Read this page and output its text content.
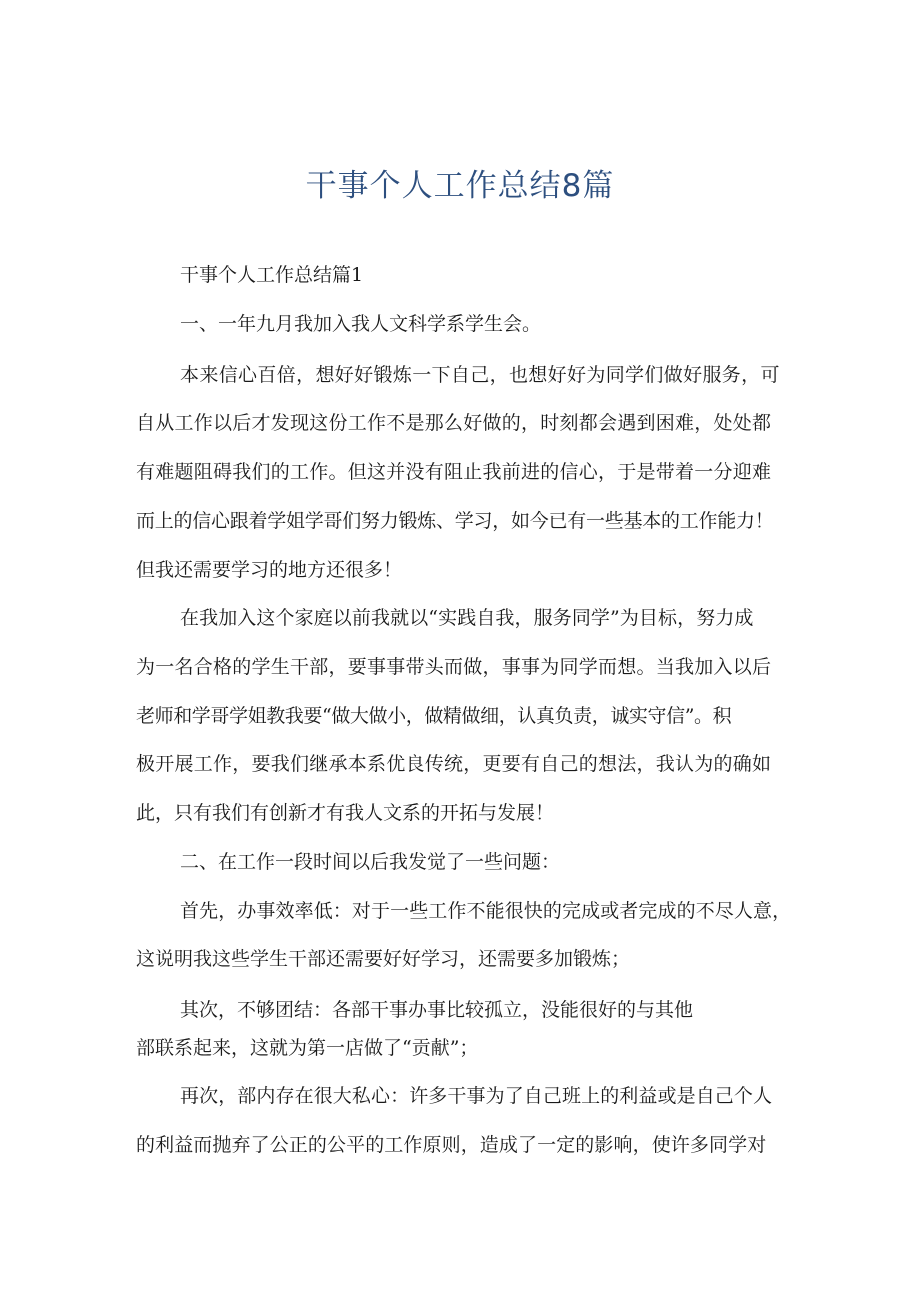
干事个人工作总结8篇
干事个人工作总结篇1
一、一年九月我加入我人文科学系学生会。
本来信心百倍，想好好锻炼一下自己，也想好好为同学们做好服务，可
自从工作以后才发现这份工作不是那么好做的，时刻都会遇到困难，处处都
有难题阻碍我们的工作。但这并没有阻止我前进的信心，于是带着一分迎难
而上的信心跟着学姐学哥们努力锻炼、学习，如今已有一些基本的工作能力！
但我还需要学习的地方还很多！
在我加入这个家庭以前我就以“实践自我，服务同学”为目标，努力成
为一名合格的学生干部，要事事带头而做，事事为同学而想。当我加入以后
老师和学哥学姐教我要“做大做小，做精做细，认真负责，诚实守信”。积
极开展工作，要我们继承本系优良传统，更要有自己的想法，我认为的确如
此，只有我们有创新才有我人文系的开拓与发展！
二、在工作一段时间以后我发觉了一些问题：
首先，办事效率低：对于一些工作不能很快的完成或者完成的不尽人意，
这说明我这些学生干部还需要好好学习，还需要多加锻炼；
其次，不够团结：各部干事办事比较孤立，没能很好的与其他
部联系起来，这就为第一店做了“贡献”；
再次，部内存在很大私心：许多干事为了自己班上的利益或是自己个人
的利益而抛弃了公正的公平的工作原则，造成了一定的影响，使许多同学对
